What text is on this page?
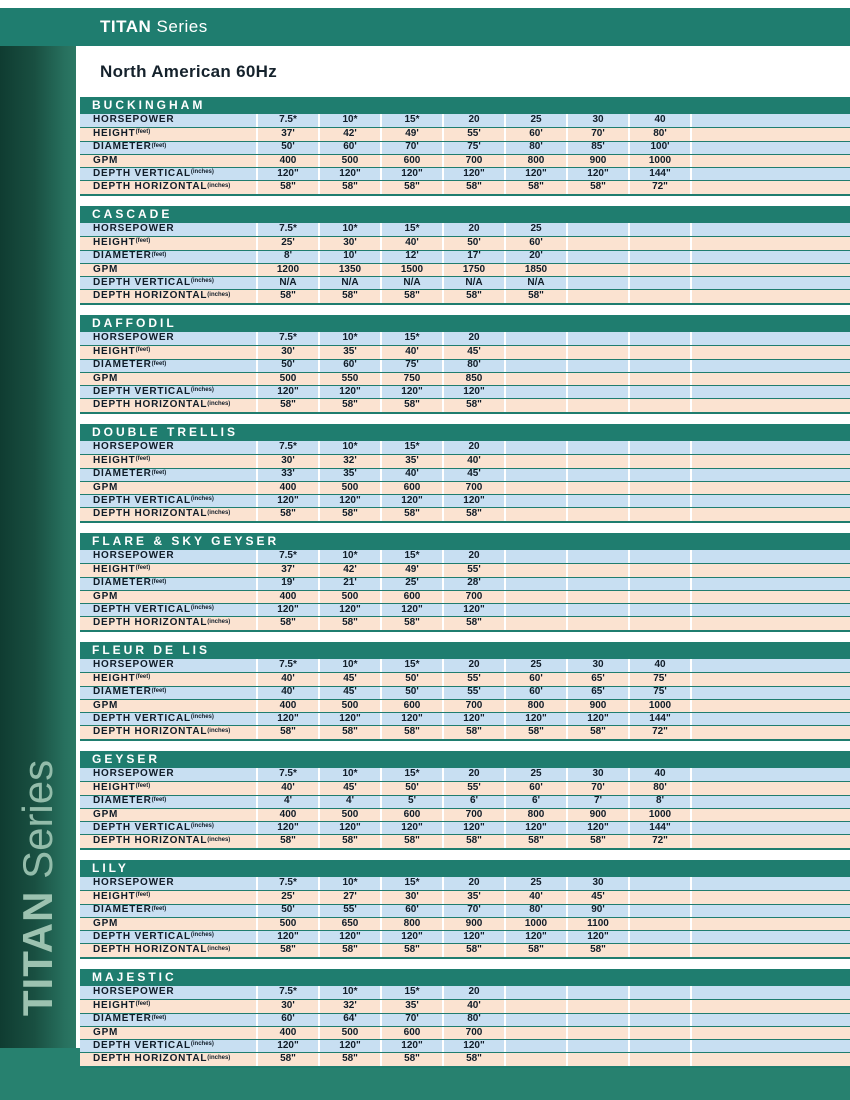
TITAN Series
North American 60Hz
TITAN Series
BUCKINGHAM
HORSEPOWER	7.5*	10*	15*	20	25	30	40
$HEIGHT^{(feet)}$	37'	42'	49'	55'	60'	70'	80'
$DIAMETER^{(feet)}$	50'	60'	70'	75'	80'	85'	100'
GPM	400	500	600	700	800	900	1000
DEPTH $VERTICAL^{(inches)}$	120"	120"	120"	120"	120"	120"	144"
DEPTH HORIZONTAL (inches)	58"	58"	58"	58"	58"	58"	72"
CASCADE
HORSEPOWER	7.5*	10*	15*	20	25
$HEIGHT^{(feet)}$	25'	30'	40'	50'	60'
$DIAMETER^{(feet)}$	8'	10'	12'	17'	20'
GPM	1200	1350	1500	1750	1850
DEPTH $VERTICAL^{(inches)}$	N/A	N/A	N/A	N/A	N/A
DEPTH HORIZONTAL (inches)	58"	58"	58"	58"	58"
DAFFODIL
HORSEPOWER	7.5*	10*	15*	20
$HEIGHT^{(feet)}$	30'	35'	40'	45'
$DIAMETER^{(feet)}$	50'	60'	75'	80'
GPM	500	550	750	850
DEPTH $VERTICAL^{(inches)}$	120"	120"	120"	120"
DEPTH HORIZONTAL (inches)	58"	58"	58"	58"
DOUBLE TRELLIS
HORSEPOWER	7.5*	10*	15*	20
$HEIGHT^{(feet)}$	30'	32'	35'	40'
$DIAMETER^{(feet)}$	33'	35'	40'	45'
GPM	400	500	600	700
DEPTH $VERTICAL^{(inches)}$	120"	120"	120"	120"
DEPTH HORIZONTAL (inches)	58"	58"	58"	58"
FLARE & SKY GEYSER
HORSEPOWER	7.5*	10*	15*	20
$HEIGHT^{(feet)}$	37'	42'	49'	55'
$DIAMETER^{(feet)}$	19'	21'	25'	28'
GPM	400	500	600	700
DEPTH $VERTICAL^{(inches)}$	120"	120"	120"	120"
DEPTH HORIZONTAL (inches)	58"	58"	58"	58"
FLEUR DE LIS
HORSEPOWER	7.5*	10*	15*	20	25	30	40
$HEIGHT^{(feet)}$	40'	45'	50'	55'	60'	65'	75'
$DIAMETER^{(feet)}$	40'	45'	50'	55'	60'	65'	75'
GPM	400	500	600	700	800	900	1000
DEPTH $VERTICAL^{(inches)}$	120"	120"	120"	120"	120"	120"	144"
DEPTH HORIZONTAL (inches)	58"	58"	58"	58"	58"	58"	72"
GEYSER
HORSEPOWER	7.5*	10*	15*	20	25	30	40
$HEIGHT^{(feet)}$	40'	45'	50'	55'	60'	70'	80'
$DIAMETER^{(feet)}$	4'	4'	5'	6'	6'	7'	8'
GPM	400	500	600	700	800	900	1000
DEPTH $VERTICAL^{(inches)}$	120"	120"	120"	120"	120"	120"	144"
DEPTH HORIZONTAL (inches)	58"	58"	58"	58"	58"	58"	72"
LILY
HORSEPOWER	7.5*	10*	15*	20	25	30
$HEIGHT^{(feet)}$	25'	27'	30'	35'	40'	45'
$DIAMETER^{(feet)}$	50'	55'	60'	70'	80'	90'
GPM	500	650	800	900	1000	1100
DEPTH $VERTICAL^{(inches)}$	120"	120"	120"	120"	120"	120"
DEPTH HORIZONTAL (inches)	58"	58"	58"	58"	58"	58"
MAJESTIC
HORSEPOWER	7.5*	10*	15*	20
$HEIGHT^{(feet)}$	30'	32'	35'	40'
$DIAMETER^{(feet)}$	60'	64'	70'	80'
GPM	400	500	600	700
DEPTH $VERTICAL^{(inches)}$	120"	120"	120"	120"
DEPTH HORIZONTAL (inches)	58"	58"	58"	58"
